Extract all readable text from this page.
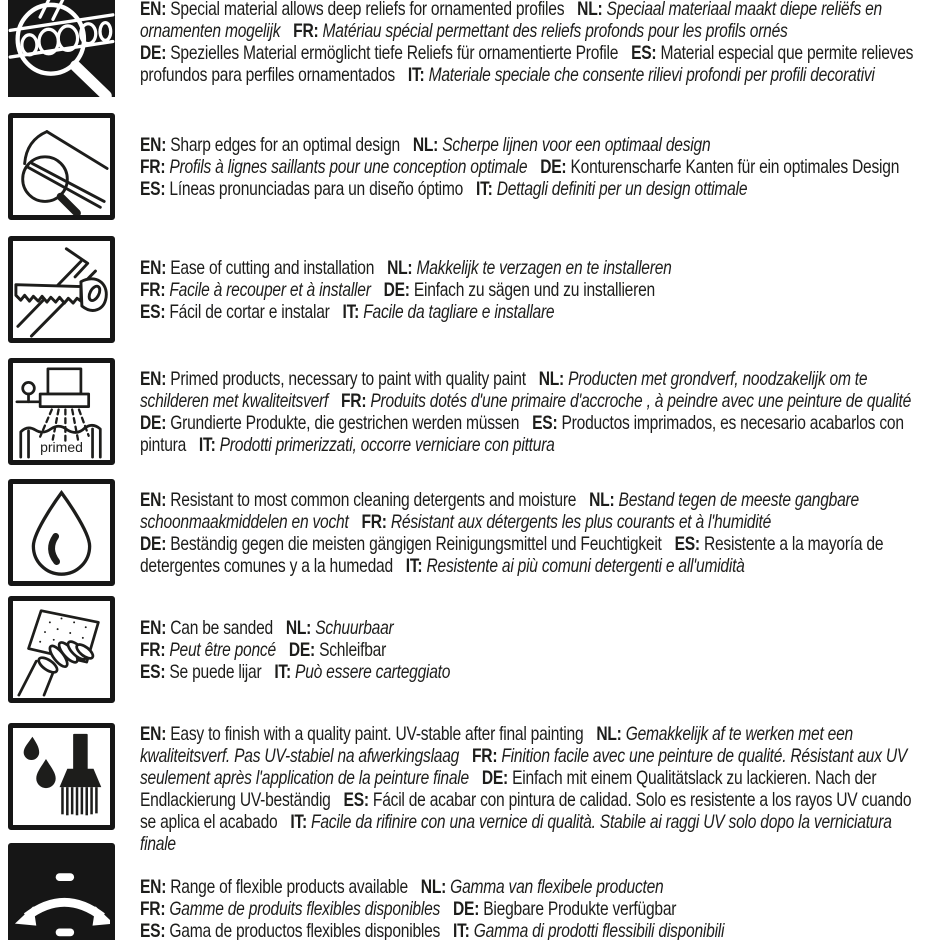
EN: Special material allows deep reliefs for ornamented profiles NL: Speciaal materiaal maakt diepe reliëfs en ornamenten mogelijk FR: Matériau spécial permettant des reliefs profonds pour les profils ornés
DE: Spezielles Material ermöglicht tiefe Reliefs für ornamentierte Profile ES: Material especial que permite relieves profundos para perfiles ornamentados IT: Materiale speciale che consente rilievi profondi per profili decorativi

EN: Sharp edges for an optimal design NL: Scherpe lijnen voor een optimaal design
FR: Profils à lignes saillants pour une conception optimale DE: Konturenscharfe Kanten für ein optimales Design ES: Líneas pronunciadas para un diseño óptimo IT: Dettagli definiti per un design ottimale

EN: Ease of cutting and installation NL: Makkelijk te verzagen en te installeren
FR: Facile à recouper et à installer DE: Einfach zu sägen und zu installieren
ES: Fácil de cortar e instalar IT: Facile da tagliare e installare

primed

EN: Primed products, necessary to paint with quality paint NL: Producten met grondverf, noodzakelijk om te schilderen met kwaliteitsverf FR: Produits dotés d'une primaire d'accroche , à peindre avec une peinture de qualité DE: Grundierte Produkte, die gestrichen werden müssen ES: Productos imprimados, es necesario acabarlos con pintura IT: Prodotti primerizzati, occorre verniciare con pittura

EN: Resistant to most common cleaning detergents and moisture NL: Bestand tegen de meeste gangbare schoonmaakmiddelen en vocht FR: Résistant aux détergents les plus courants et à l'humidité
DE: Beständig gegen die meisten gängigen Reinigungsmittel und Feuchtigkeit ES: Resistente a la mayoría de detergentes comunes y a la humedad IT: Resistente ai più comuni detergenti e all'umidità

EN: Can be sanded NL: Schuurbaar
FR: Peut être poncé DE: Schleifbar
ES: Se puede lijar IT: Può essere carteggiato

EN: Easy to finish with a quality paint. UV-stable after final painting NL: Gemakkelijk af te werken met een kwaliteitsverf. Pas UV-stabiel na afwerkingslaag FR: Finition facile avec une peinture de qualité. Résistant aux UV seulement après l'application de la peinture finale DE: Einfach mit einem Qualitätslack zu lackieren. Nach der Endlackierung UV-beständig ES: Fácil de acabar con pintura de calidad. Solo es resistente a los rayos UV cuando se aplica el acabado IT: Facile da rifinire con una vernice di qualità. Stabile ai raggi UV solo dopo la verniciatura finale

EN: Range of flexible products available NL: Gamma van flexibele producten
FR: Gamme de produits flexibles disponibles DE: Biegbare Produkte verfügbar
ES: Gama de productos flexibles disponibles IT: Gamma di prodotti flessibili disponibili
